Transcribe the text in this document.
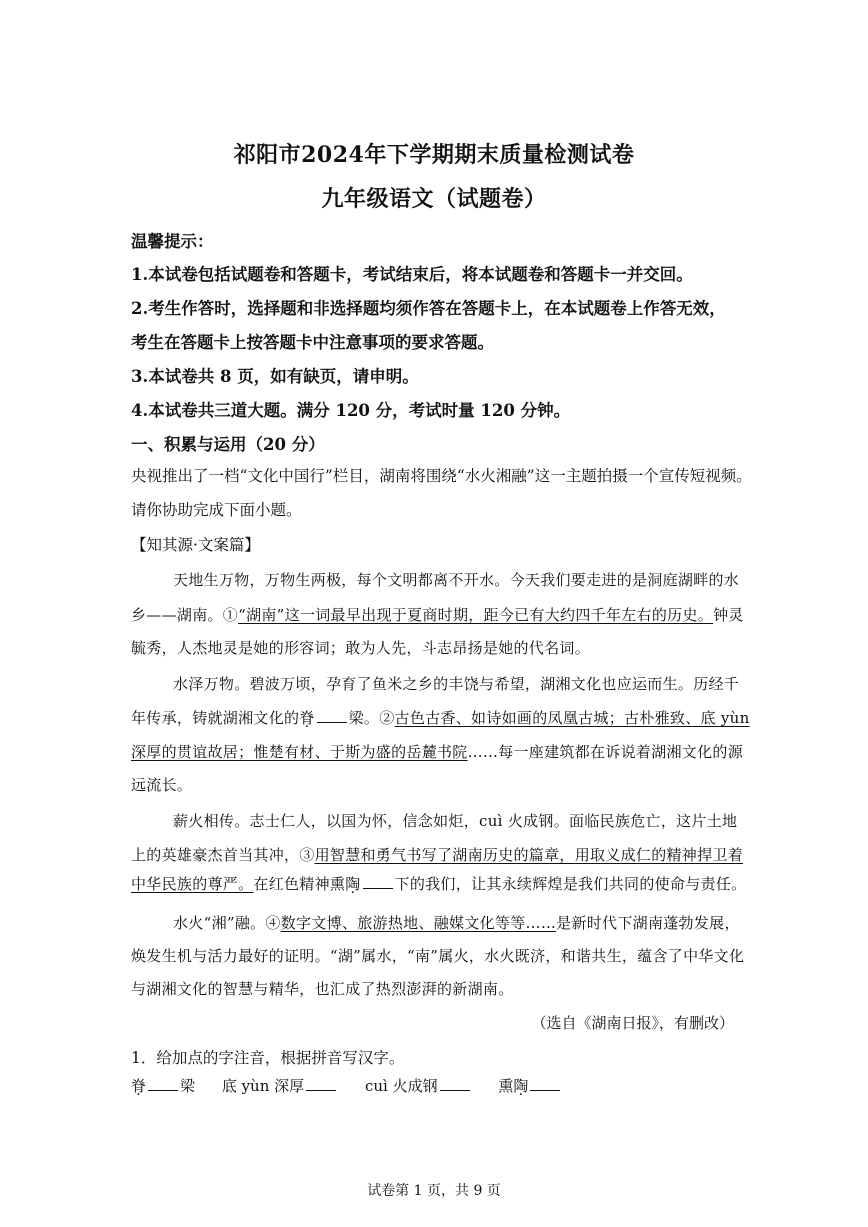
祁阳市2024年下学期期末质量检测试卷
九年级语文（试题卷）
温馨提示：
1.本试卷包括试题卷和答题卡，考试结束后，将本试题卷和答题卡一并交回。
2.考生作答时，选择题和非选择题均须作答在答题卡上，在本试题卷上作答无效，
考生在答题卡上按答题卡中注意事项的要求答题。
3.本试卷共 8 页，如有缺页，请申明。
4.本试卷共三道大题。满分 120 分，考试时量 120 分钟。
一、积累与运用（20 分）
央视推出了一档“文化中国行”栏目，湖南将围绕“水火湘融”这一主题拍摄一个宣传短视频。
请你协助完成下面小题。
【知其源·文案篇】
天地生万物，万物生两极，每个文明都离不开水。今天我们要走进的是洞庭湖畔的水
乡——湖南。①“湖南”这一词最早出现于夏商时期，距今已有大约四千年左右的历史。钟灵
毓秀，人杰地灵是她的形容词；敢为人先，斗志昂扬是她的代名词。
水泽万物。碧波万顷，孕育了鱼米之乡的丰饶与希望，湖湘文化也应运而生。历经千
年传承，铸就湖湘文化的脊 梁。②古色古香、如诗如画的凤凰古城；古朴雅致、底 yùn
深厚的贯谊故居；惟楚有材、于斯为盛的岳麓书院……每一座建筑都在诉说着湖湘文化的源
远流长。
薪火相传。志士仁人，以国为怀，信念如炬，cuì 火成钢。面临民族危亡，这片土地
上的英雄豪杰首当其冲，③用智慧和勇气书写了湖南历史的篇章，用取义成仁的精神捍卫着
中华民族的尊严。在红色精神熏陶 下的我们，让其永续辉煌是我们共同的使命与责任。
水火“湘”融。④数字文博、旅游热地、融媒文化等等……是新时代下湖南蓬勃发展，
焕发生机与活力最好的证明。“湖”属水，“南”属火，水火既济，和谐共生，蕴含了中华文化
与湖湘文化的智慧与精华，也汇成了热烈澎湃的新湖南。
（选自《湖南日报》，有删改）
1．给加点的字注音，根据拼音写汉字。
脊 梁 底 yùn 深厚	cuì 火成钢	熏陶
试卷第 1 页，共 9 页
